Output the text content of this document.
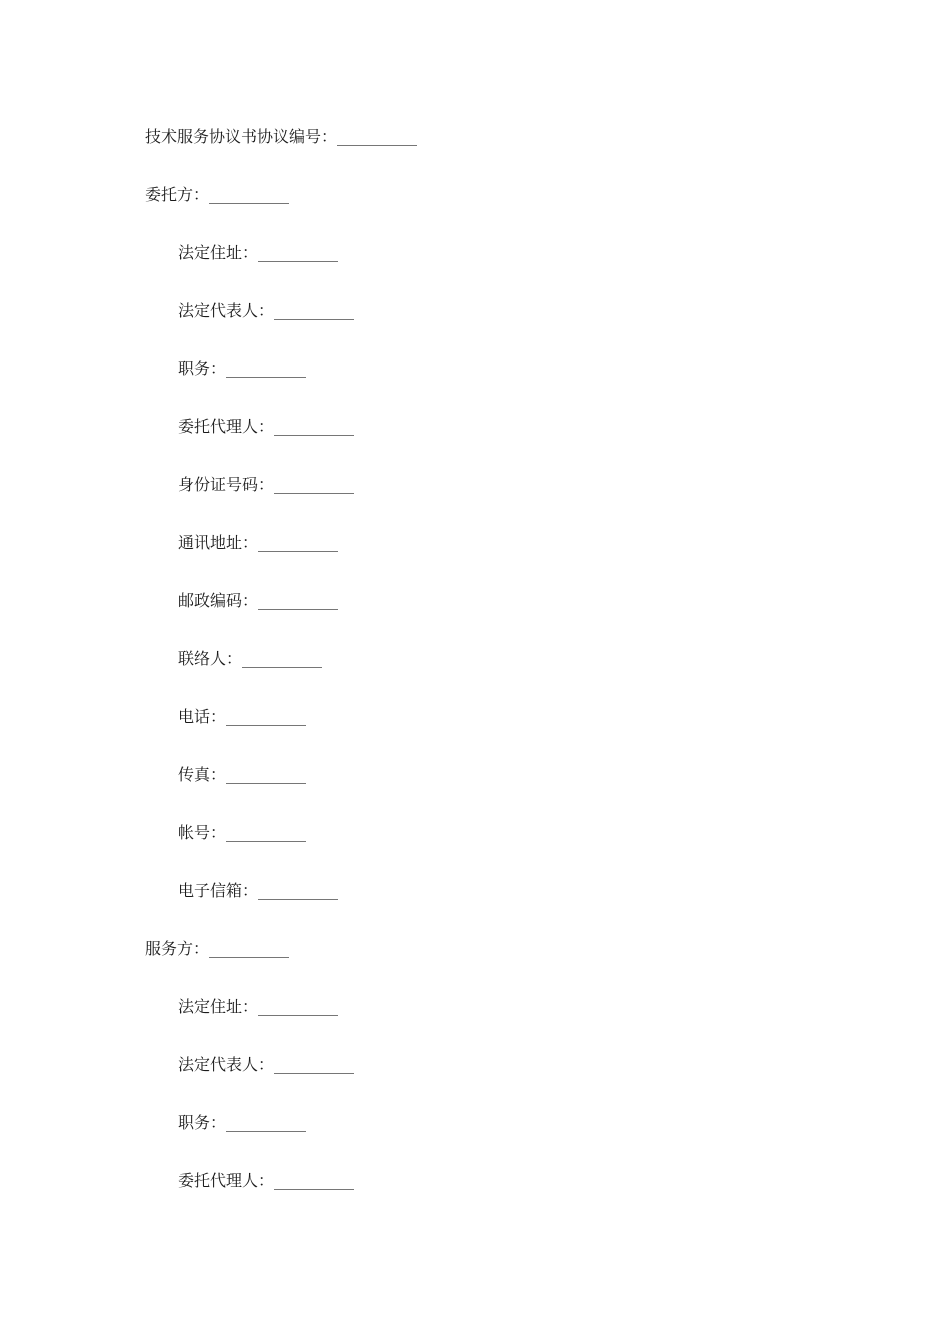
技术服务协议书协议编号：__________
委托方：__________
法定住址：__________
法定代表人：__________
职务：__________
委托代理人：__________
身份证号码：__________
通讯地址：__________
邮政编码：__________
联络人：__________
电话：__________
传真：__________
帐号：__________
电子信箱：__________
服务方：__________
法定住址：__________
法定代表人：__________
职务：__________
委托代理人：__________
